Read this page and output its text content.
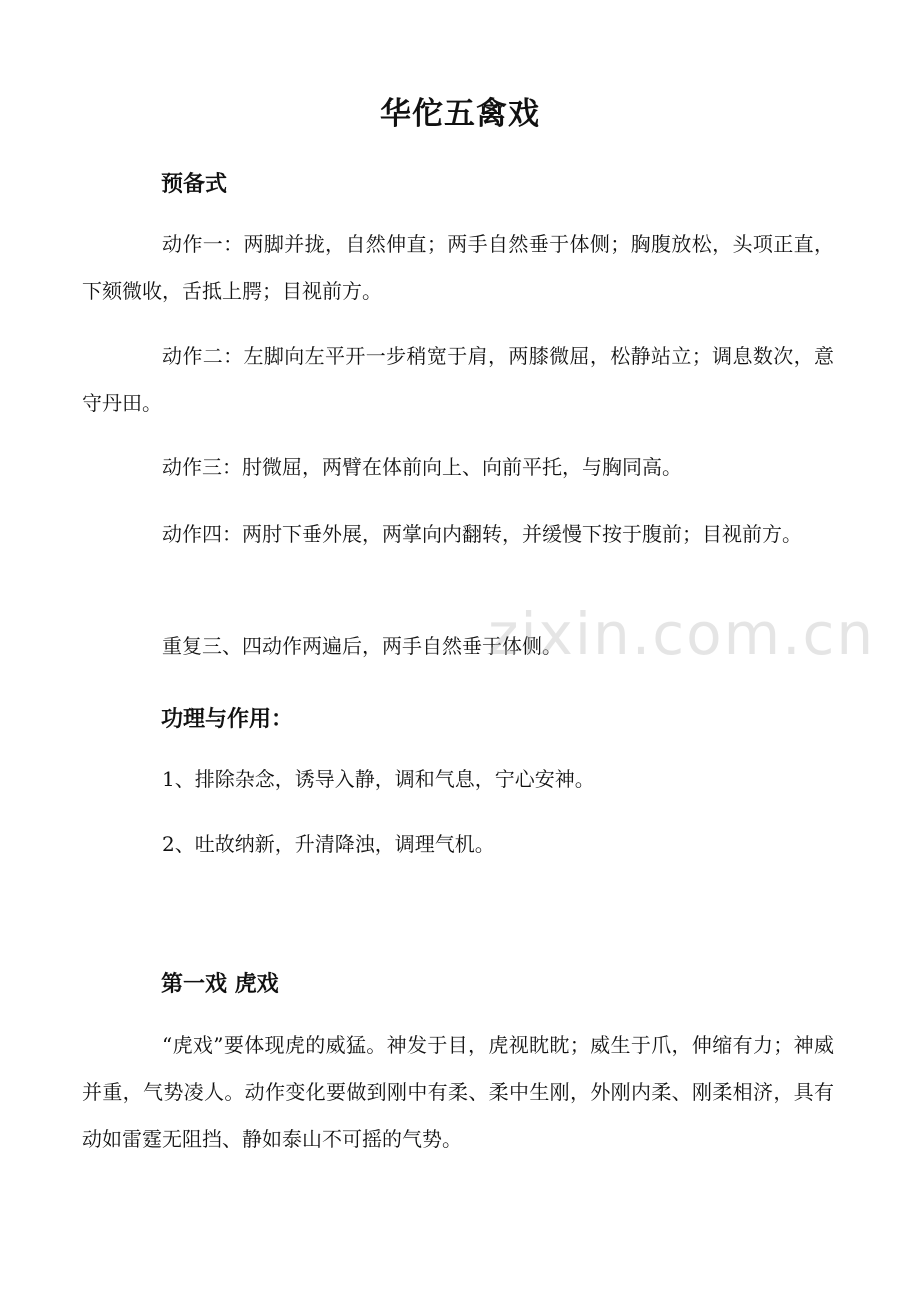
华佗五禽戏
预备式

动作一：两脚并拢，自然伸直；两手自然垂于体侧；胸腹放松，头项正直，下颏微收，舌抵上腭；目视前方。

动作二：左脚向左平开一步稍宽于肩，两膝微屈，松静站立；调息数次，意守丹田。

动作三：肘微屈，两臂在体前向上、向前平托，与胸同高。

动作四：两肘下垂外展，两掌向内翻转，并缓慢下按于腹前；目视前方。

重复三、四动作两遍后，两手自然垂于体侧。

功理与作用：

1、排除杂念，诱导入静，调和气息，宁心安神。

2、吐故纳新，升清降浊，调理气机。

第一戏 虎戏

“虎戏”要体现虎的威猛。神发于目，虎视眈眈；威生于爪，伸缩有力；神威并重，气势凌人。动作变化要做到刚中有柔、柔中生刚，外刚内柔、刚柔相济，具有动如雷霆无阻挡、静如泰山不可摇的气势。

zixin.com.cn
